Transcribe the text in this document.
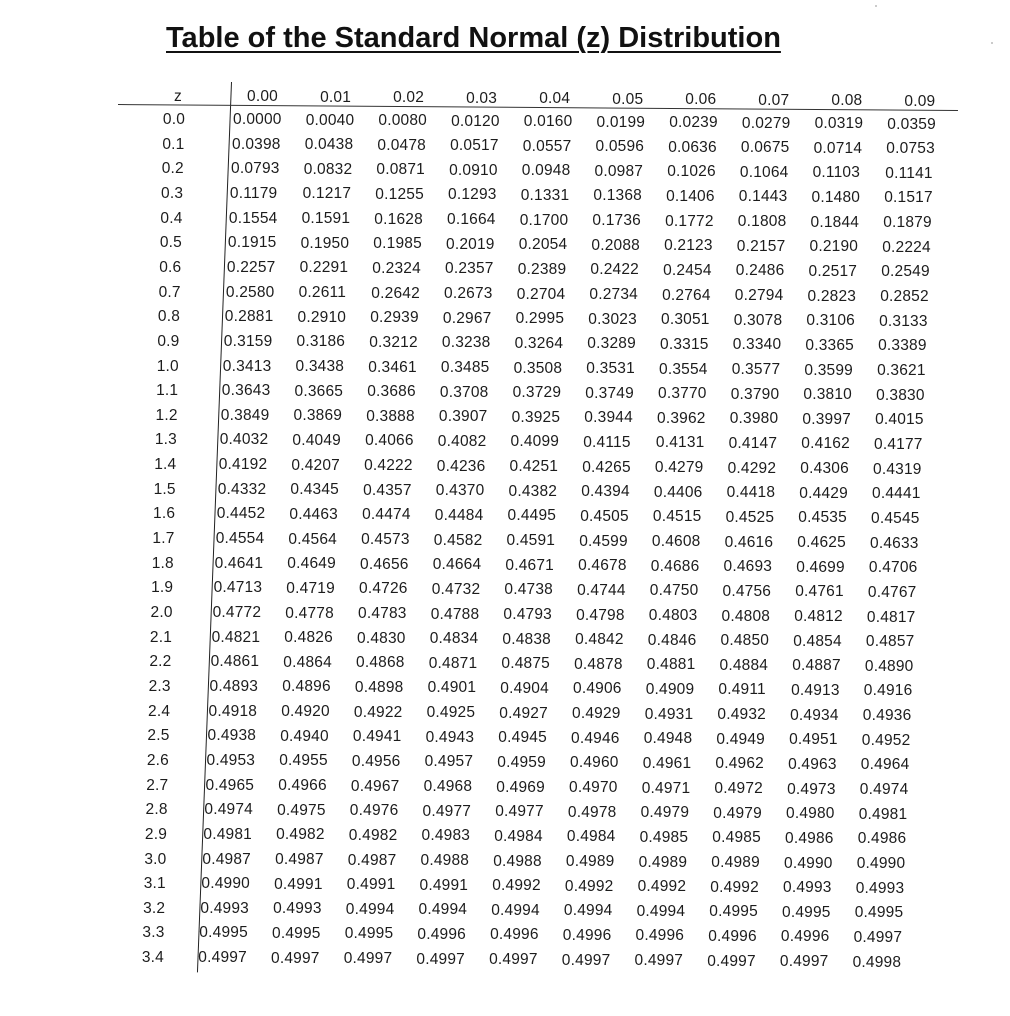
Table of the Standard Normal (z) Distribution
z	0.00	0.01	0.02	0.03	0.04	0.05	0.06	0.07	0.08	0.09
0.0	0.0000 0.0040 0.0080 0.0120 0.0160 0.0199 0.0239 0.0279 0.0319 0.0359
0.1	0.0398 0.0438 0.0478 0.0517 0.0557 0.0596 0.0636 0.0675 0.0714 0.0753
0.2	0.0793 0.0832 0.0871 0.0910 0.0948 0.0987 0.1026 0.1064 0.1103 0.1141
0.3	0.1179 0.1217 0.1255 0.1293 0.1331 0.1368 0.1406 0.1443 0.1480 0.1517
0.4	0.1554 0.1591 0.1628 0.1664 0.1700 0.1736 0.1772 0.1808 0.1844 0.1879
0.5	0.1915 0.1950 0.1985 0.2019 0.2054 0.2088 0.2123 0.2157 0.2190 0.2224
0.6	0.2257 0.2291 0.2324 0.2357 0.2389 0.2422 0.2454 0.2486 0.2517 0.2549
0.7	0.2580 0.2611 0.2642 0.2673 0.2704 0.2734 0.2764 0.2794 0.2823 0.2852
0.8	0.2881 0.2910 0.2939 0.2967 0.2995 0.3023 0.3051 0.3078 0.3106 0.3133
0.9	0.3159 0.3186 0.3212 0.3238 0.3264 0.3289 0.3315 0.3340 0.3365 0.3389
1.0	0.3413 0.3438 0.3461 0.3485 0.3508 0.3531 0.3554 0.3577 0.3599 0.3621
1.1	0.3643 0.3665 0.3686 0.3708 0.3729 0.3749 0.3770 0.3790 0.3810 0.3830
1.2	0.3849 0.3869 0.3888 0.3907 0.3925 0.3944 0.3962 0.3980 0.3997 0.4015
1.3	0.4032 0.4049 0.4066 0.4082 0.4099 0.4115 0.4131 0.4147 0.4162 0.4177
1.4	0.4192 0.4207 0.4222 0.4236 0.4251 0.4265 0.4279 0.4292 0.4306 0.4319
1.5	0.4332 0.4345 0.4357 0.4370 0.4382 0.4394 0.4406 0.4418 0.4429 0.4441
1.6	0.4452 0.4463 0.4474 0.4484 0.4495 0.4505 0.4515 0.4525 0.4535 0.4545
1.7	0.4554 0.4564 0.4573 0.4582 0.4591 0.4599 0.4608 0.4616 0.4625 0.4633
1.8	0.4641 0.4649 0.4656 0.4664 0.4671 0.4678 0.4686 0.4693 0.4699 0.4706
1.9	0.4713 0.4719 0.4726 0.4732 0.4738 0.4744 0.4750 0.4756 0.4761 0.4767
2.0	0.4772 0.4778 0.4783 0.4788 0.4793 0.4798 0.4803 0.4808 0.4812 0.4817
2.1	0.4821 0.4826 0.4830 0.4834 0.4838 0.4842 0.4846 0.4850 0.4854 0.4857
2.2	0.4861 0.4864 0.4868 0.4871 0.4875 0.4878 0.4881 0.4884 0.4887 0.4890
2.3	0.4893 0.4896 0.4898 0.4901 0.4904 0.4906 0.4909 0.4911 0.4913 0.4916
2.4	0.4918 0.4920 0.4922 0.4925 0.4927 0.4929 0.4931 0.4932 0.4934 0.4936
2.5	0.4938 0.4940 0.4941 0.4943 0.4945 0.4946 0.4948 0.4949 0.4951 0.4952
2.6	0.4953 0.4955 0.4956 0.4957 0.4959 0.4960 0.4961 0.4962 0.4963 0.4964
2.7	0.4965 0.4966 0.4967 0.4968 0.4969 0.4970 0.4971 0.4972 0.4973 0.4974
2.8	0.4974 0.4975 0.4976 0.4977 0.4977 0.4978 0.4979 0.4979 0.4980 0.4981
2.9	0.4981 0.4982 0.4982 0.4983 0.4984 0.4984 0.4985 0.4985 0.4986 0.4986
3.0	0.4987 0.4987 0.4987 0.4988 0.4988 0.4989 0.4989 0.4989 0.4990 0.4990
3.1	0.4990 0.4991 0.4991 0.4991 0.4992 0.4992 0.4992 0.4992 0.4993 0.4993
3.2	0.4993 0.4993 0.4994 0.4994 0.4994 0.4994 0.4994 0.4995 0.4995 0.4995
3.3	0.4995 0.4995 0.4995 0.4996 0.4996 0.4996 0.4996 0.4996 0.4996 0.4997
3.4	0.4997 0.4997 0.4997 0.4997 0.4997 0.4997 0.4997 0.4997 0.4997 0.4998
